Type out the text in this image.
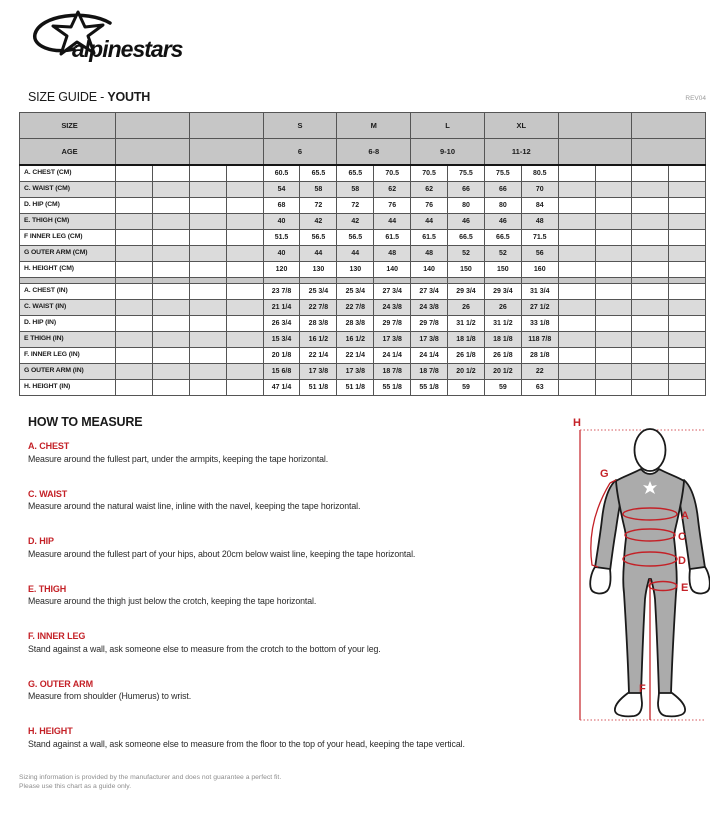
alpinestars
SIZE GUIDE - YOUTH	REV04
SIZE					S		M		L		XL					
AGE					6		6-8		9-10		11-12					
A. CHEST (CM)					60.5	65.5	65.5	70.5	70.5	75.5	75.5	80.5				
C. WAIST (CM)					54	58	58	62	62	66	66	70				
D. HIP (CM)					68	72	72	76	76	80	80	84				
E. THIGH (CM)					40	42	42	44	44	46	46	48				
F INNER LEG (CM)					51.5	56.5	56.5	61.5	61.5	66.5	66.5	71.5				
G OUTER ARM (CM)					40	44	44	48	48	52	52	56				
H. HEIGHT (CM)					120	130	130	140	140	150	150	160				

A. CHEST (IN)					23 7/8	25 3/4	25 3/4	27 3/4	27 3/4	29 3/4	29 3/4	31 3/4				
C. WAIST (IN)					21 1/4	22 7/8	22 7/8	24 3/8	24 3/8	26	26	27 1/2				
D. HIP (IN)					26 3/4	28 3/8	28 3/8	29 7/8	29 7/8	31 1/2	31 1/2	33 1/8				
E THIGH (IN)					15 3/4	16 1/2	16 1/2	17 3/8	17 3/8	18 1/8	18 1/8	118 7/8				
F. INNER LEG (IN)					20 1/8	22 1/4	22 1/4	24 1/4	24 1/4	26 1/8	26 1/8	28 1/8				
G OUTER ARM (IN)					15 6/8	17 3/8	17 3/8	18 7/8	18 7/8	20 1/2	20 1/2	22				
H. HEIGHT (IN)					47 1/4	51 1/8	51 1/8	55 1/8	55 1/8	59	59	63				
HOW TO MEASURE
A. CHEST
Measure around the fullest part, under the armpits, keeping the tape horizontal.
C. WAIST
Measure around the natural waist line, inline with the navel, keeping the tape horizontal.
D. HIP
Measure around the fullest part of your hips, about 20cm below waist line, keeping the tape horizontal.
E. THIGH
Measure around the thigh just below the crotch, keeping the tape horizontal.
F. INNER LEG
Stand against a wall, ask someone else to measure from the crotch to the bottom of your leg.
G. OUTER ARM
Measure from shoulder (Humerus) to wrist.
H. HEIGHT
Stand against a wall, ask someone else to measure from the floor to the top of your head, keeping the tape vertical.
H
A
C
D
E
G
F
Sizing information is provided by the manufacturer and does not guarantee a perfect fit.
Please use this chart as a guide only.
